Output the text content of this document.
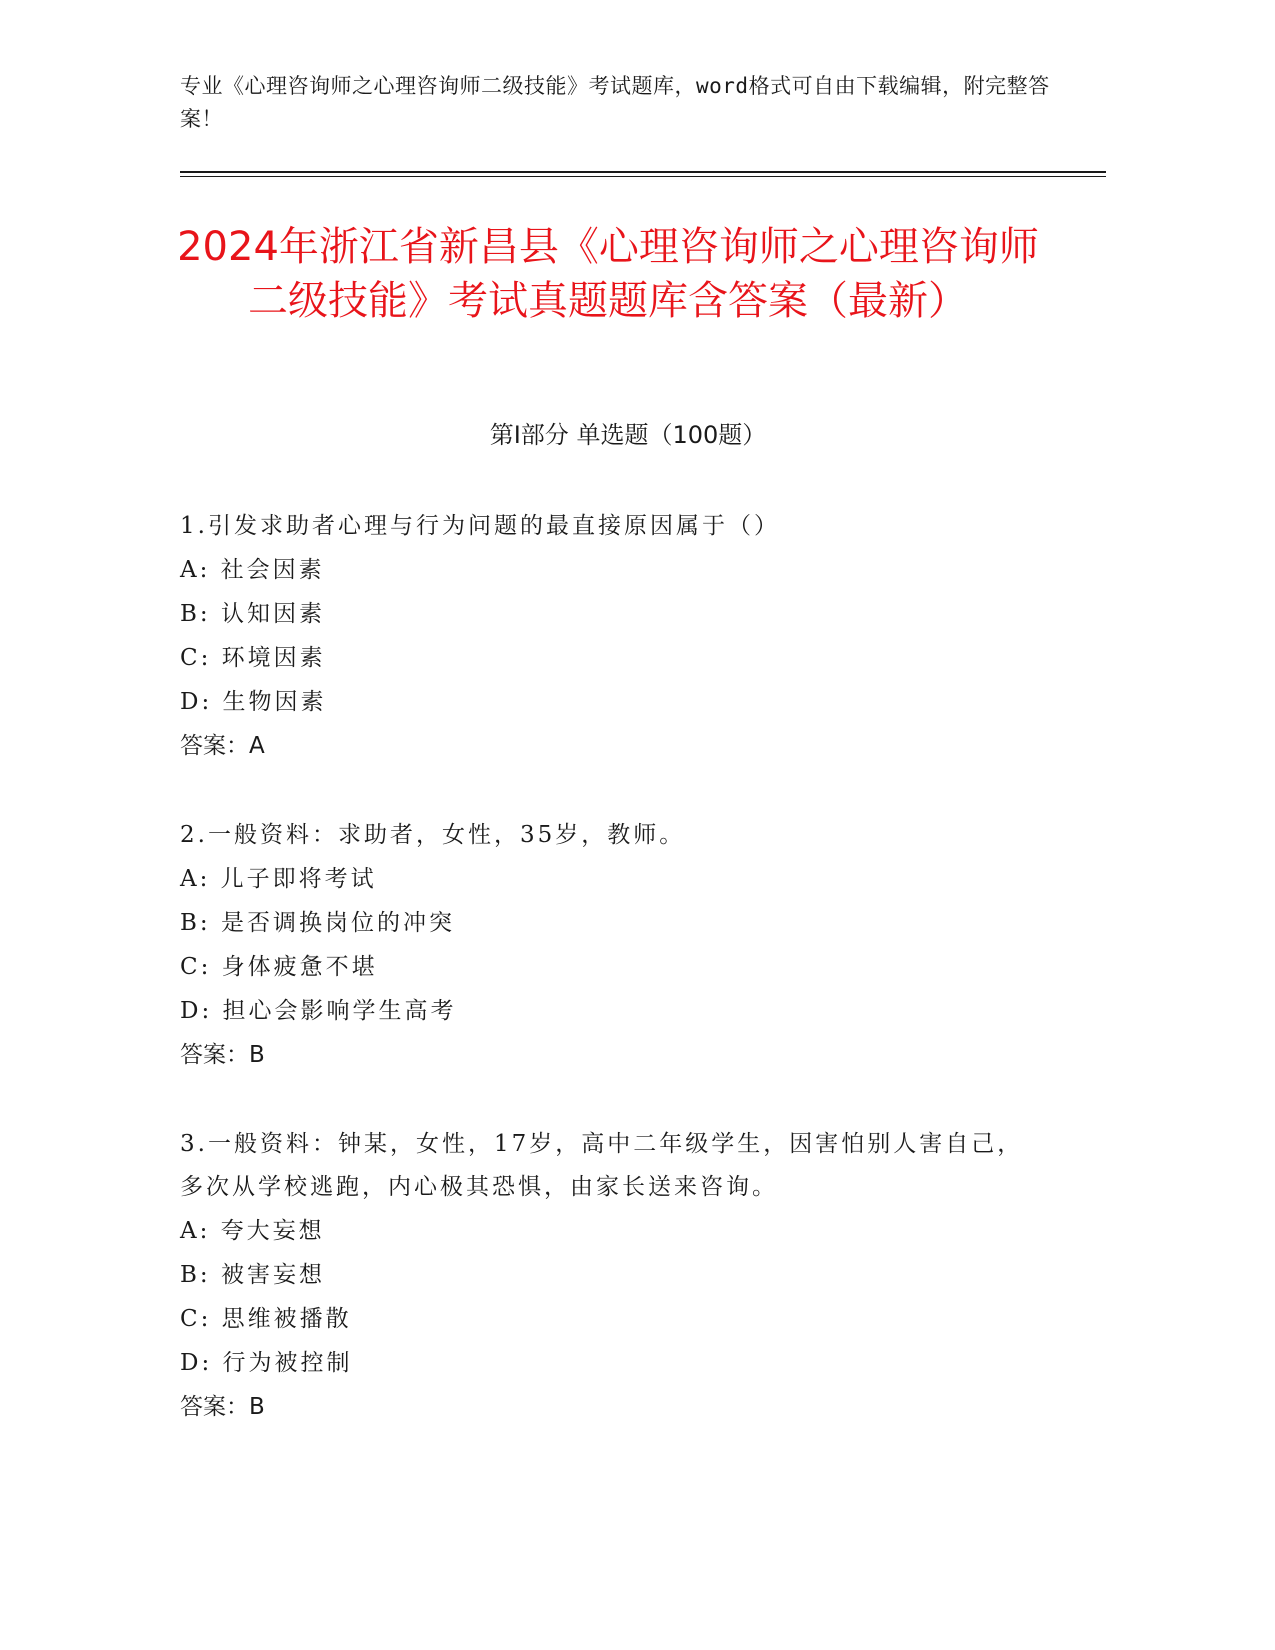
专业《心理咨询师之心理咨询师二级技能》考试题库，word格式可自由下载编辑，附完整答案！
2024年浙江省新昌县《心理咨询师之心理咨询师二级技能》考试真题题库含答案（最新）
第Ⅰ部分 单选题（100题）
1.引发求助者心理与行为问题的最直接原因属于（）
A: 社会因素
B: 认知因素
C: 环境因素
D: 生物因素
答案：A
2.一般资料：求助者，女性，35岁，教师。
A: 儿子即将考试
B: 是否调换岗位的冲突
C: 身体疲惫不堪
D: 担心会影响学生高考
答案：B
3.一般资料：钟某，女性，17岁，高中二年级学生，因害怕别人害自己，多次从学校逃跑，内心极其恐惧，由家长送来咨询。
A: 夸大妄想
B: 被害妄想
C: 思维被播散
D: 行为被控制
答案：B
